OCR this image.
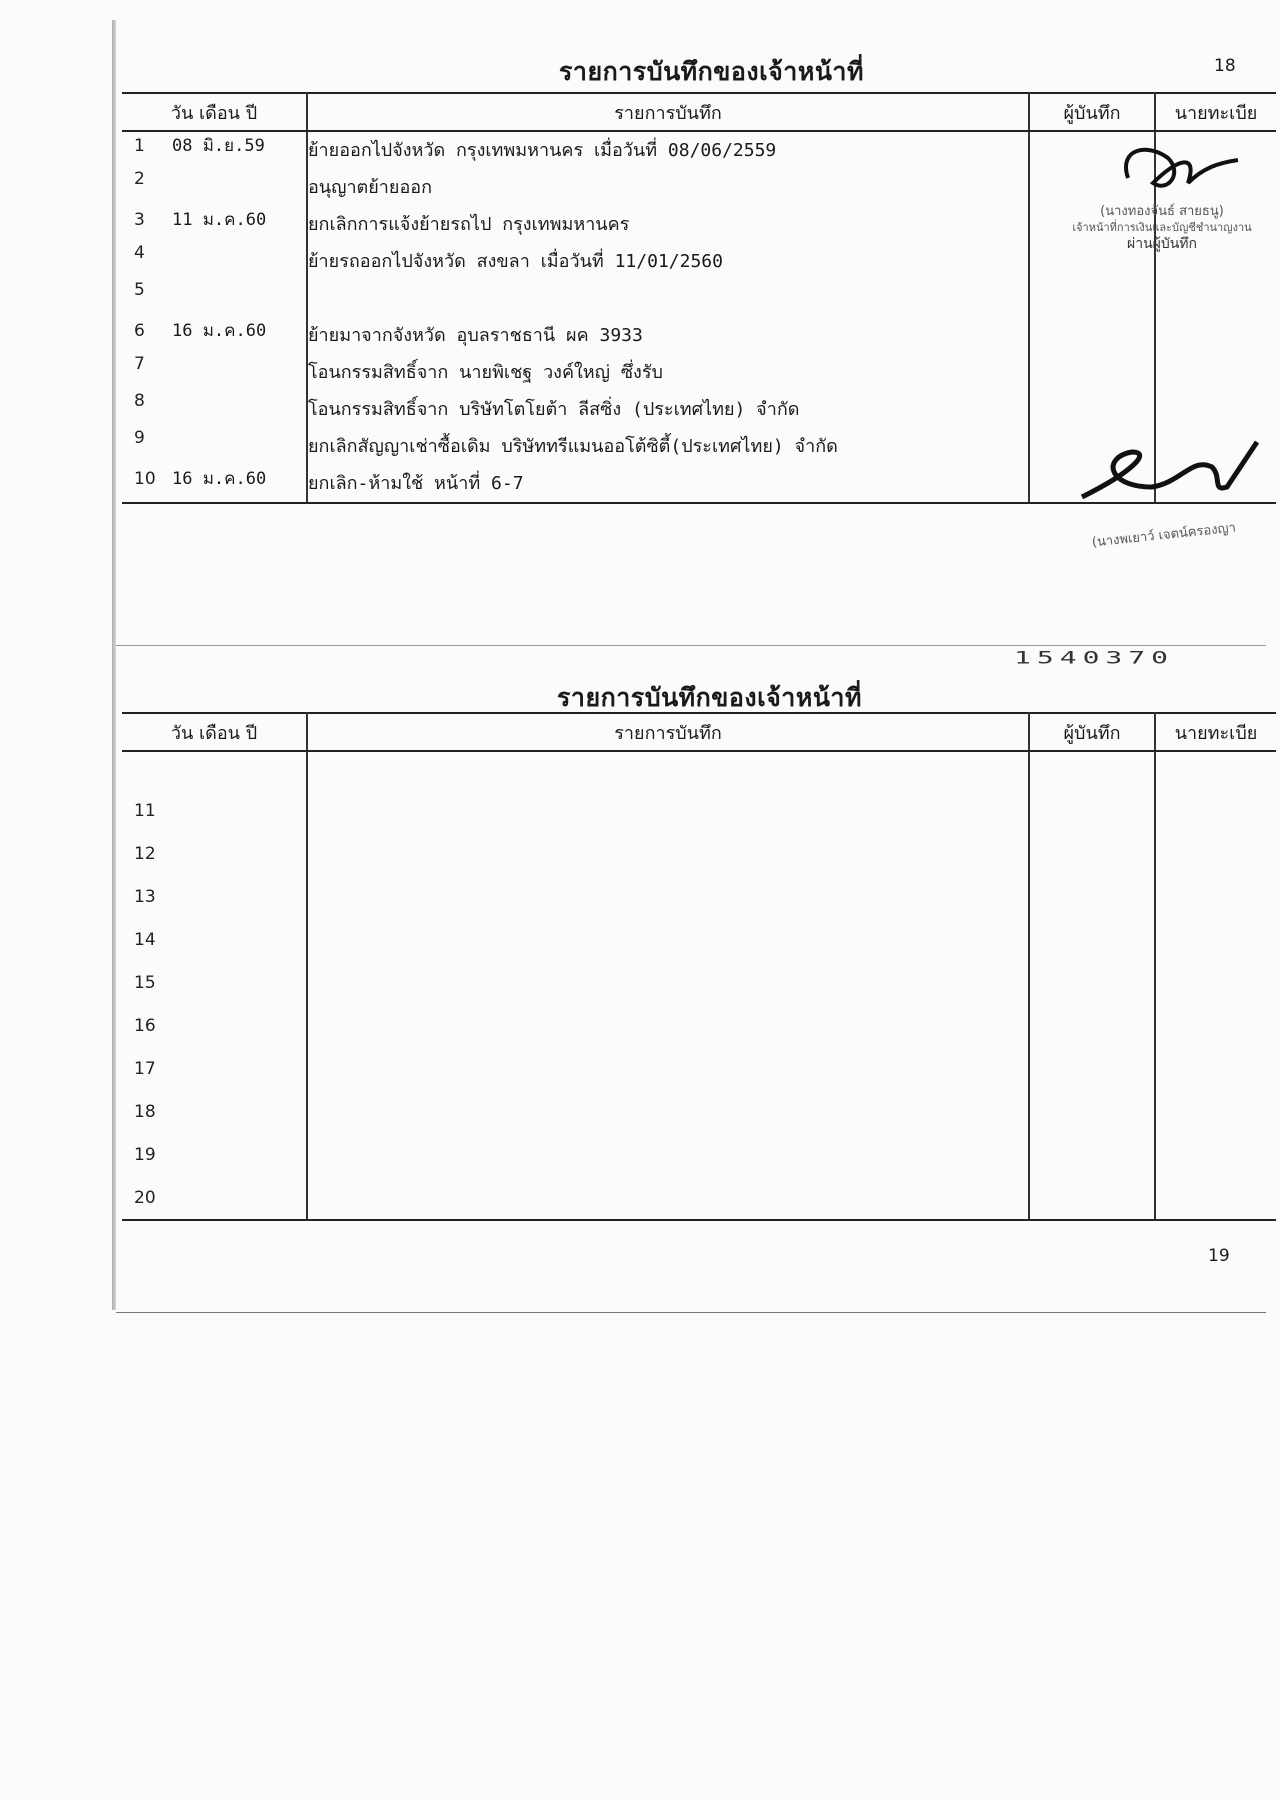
18
รายการบันทึกของเจ้าหน้าที่
วัน เดือน ปี	รายการบันทึก	ผู้บันทึก	นายทะเบีย
1 08 มิ.ย.59	ย้ายออกไปจังหวัด กรุงเทพมหานคร เมื่อวันที่ 08/06/2559		
2	อนุญาตย้ายออก		
3 11 ม.ค.60	ยกเลิกการแจ้งย้ายรถไป กรุงเทพมหานคร		
4	ย้ายรถออกไปจังหวัด สงขลา เมื่อวันที่ 11/01/2560		
5			
6 16 ม.ค.60	ย้ายมาจากจังหวัด อุบลราชธานี ผค 3933		
7	โอนกรรมสิทธิ์จาก นายพิเชฐ วงค์ใหญ่ ซึ่งรับ		
8	โอนกรรมสิทธิ์จาก บริษัทโตโยต้า ลีสซิ่ง (ประเทศไทย) จำกัด		
9	ยกเลิกสัญญาเช่าซื้อเดิม บริษัททรีแมนออโต้ซิตี้(ประเทศไทย) จำกัด		
10 16 ม.ค.60	ยกเลิก-ห้ามใช้ หน้าที่ 6-7		
(นางทองจันธ์ สายธนู)
เจ้าหน้าที่การเงินและบัญชีชำนาญงาน
ผ่านผู้บันทึก
(นางพเยาว์ เจตน์ครองญา
1540370
รายการบันทึกของเจ้าหน้าที่
วัน เดือน ปี	รายการบันทึก	ผู้บันทึก	นายทะเบีย

11			
12			
13			
14			
15			
16			
17			
18			
19			
20			
19
